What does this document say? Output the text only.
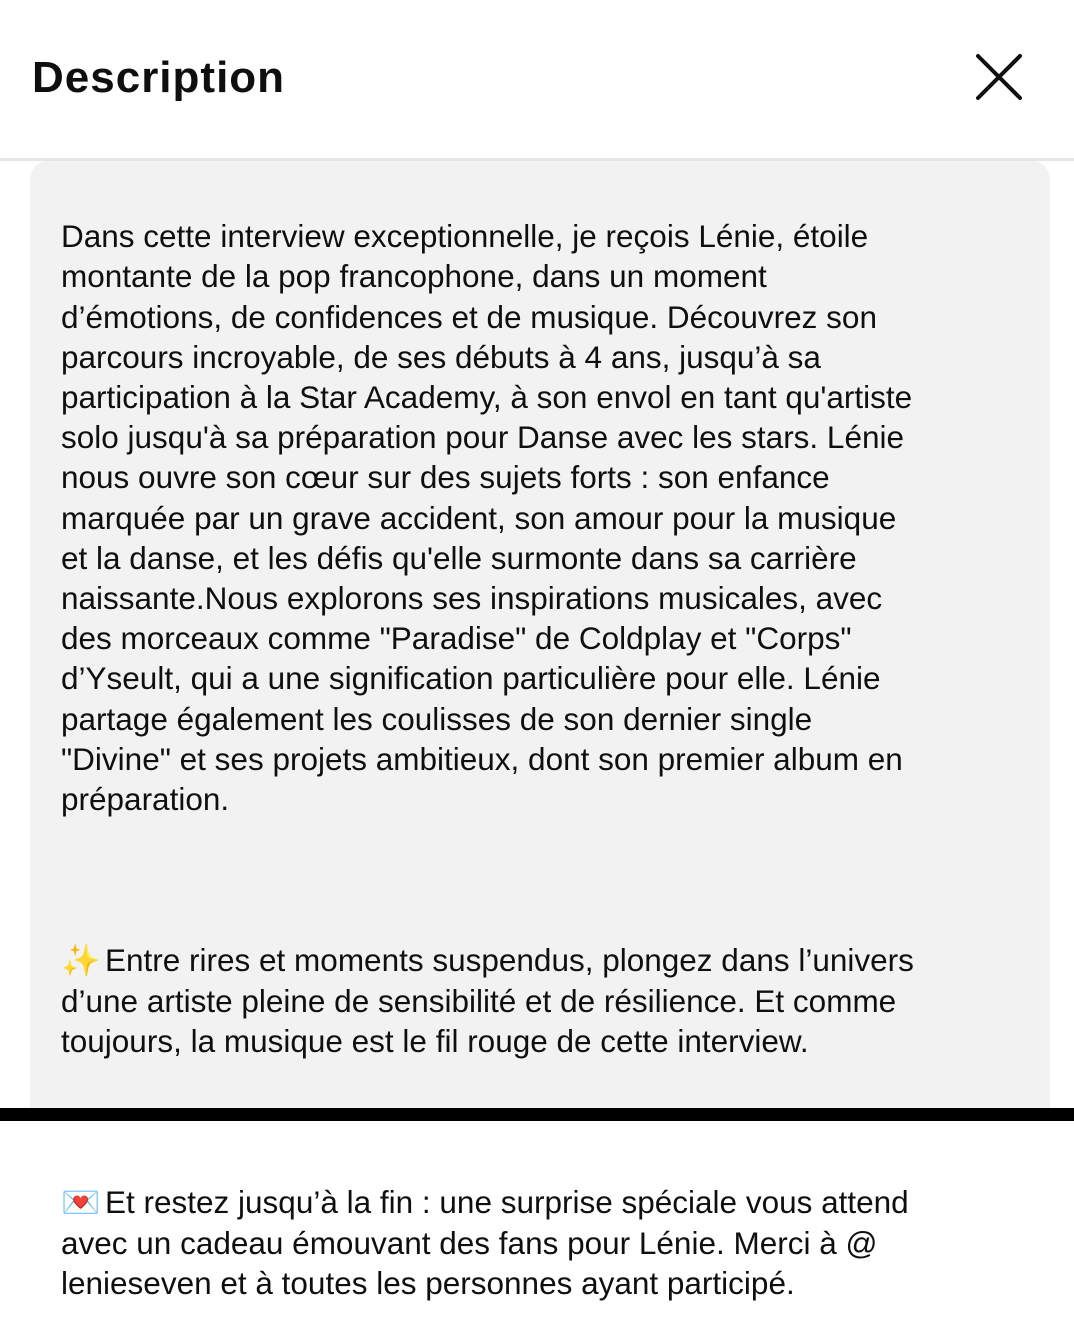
Description

Dans cette interview exceptionnelle, je reçois Lénie, étoile
montante de la pop francophone, dans un moment
d’émotions, de confidences et de musique. Découvrez son
parcours incroyable, de ses débuts à 4 ans, jusqu’à sa
participation à la Star Academy, à son envol en tant qu'artiste
solo jusqu'à sa préparation pour Danse avec les stars. Lénie
nous ouvre son cœur sur des sujets forts : son enfance
marquée par un grave accident, son amour pour la musique
et la danse, et les défis qu'elle surmonte dans sa carrière
naissante.Nous explorons ses inspirations musicales, avec
des morceaux comme "Paradise" de Coldplay et "Corps"
d’Yseult, qui a une signification particulière pour elle. Lénie
partage également les coulisses de son dernier single
"Divine" et ses projets ambitieux, dont son premier album en
préparation.

✨ Entre rires et moments suspendus, plongez dans l’univers
d’une artiste pleine de sensibilité et de résilience. Et comme
toujours, la musique est le fil rouge de cette interview.

💌 Et restez jusqu’à la fin : une surprise spéciale vous attend
avec un cadeau émouvant des fans pour Lénie. Merci à @
lenieseven et à toutes les personnes ayant participé.
